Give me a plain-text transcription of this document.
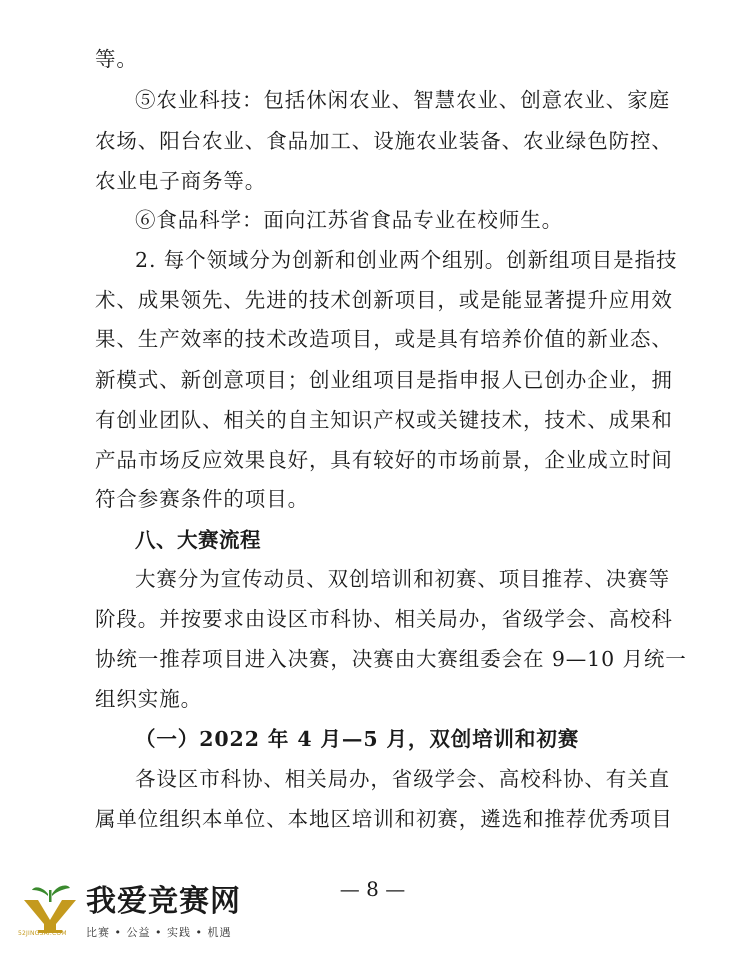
等。
⑤农业科技：包括休闲农业、智慧农业、创意农业、家庭
农场、阳台农业、食品加工、设施农业装备、农业绿色防控、
农业电子商务等。
⑥食品科学：面向江苏省食品专业在校师生。
2. 每个领域分为创新和创业两个组别。创新组项目是指技
术、成果领先、先进的技术创新项目，或是能显著提升应用效
果、生产效率的技术改造项目，或是具有培养价值的新业态、
新模式、新创意项目；创业组项目是指申报人已创办企业，拥
有创业团队、相关的自主知识产权或关键技术，技术、成果和
产品市场反应效果良好，具有较好的市场前景，企业成立时间
符合参赛条件的项目。
八、大赛流程
大赛分为宣传动员、双创培训和初赛、项目推荐、决赛等
阶段。并按要求由设区市科协、相关局办，省级学会、高校科
协统一推荐项目进入决赛，决赛由大赛组委会在 9—10 月统一
组织实施。
（一）2022 年 4 月—5 月，双创培训和初赛
各设区市科协、相关局办，省级学会、高校科协、有关直
属单位组织本单位、本地区培训和初赛，遴选和推荐优秀项目
— 8 —
52JINGSAI.COM
我爱竞赛网
比赛 • 公益 • 实践 • 机遇
